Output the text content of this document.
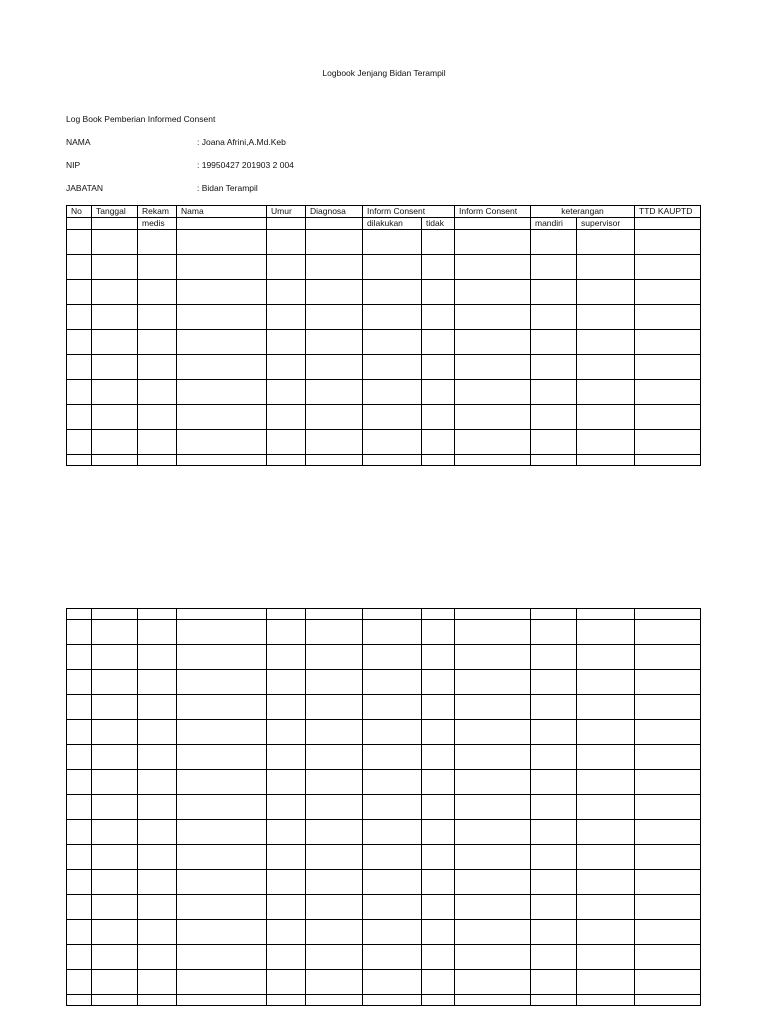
Logbook Jenjang Bidan Terampil
Log Book Pemberian Informed Consent
NAMA	: Joana Afrini,A.Md.Keb
NIP	: 19950427 201903 2 004
JABATAN	: Bidan Terampil
No	Tanggal	Rekam	Nama	Umur	Diagnosa	Inform Consent		Inform Consent	keterangan		TTD KAUPTD
		medis				dilakukan	tidak		mandiri	supervisor	
